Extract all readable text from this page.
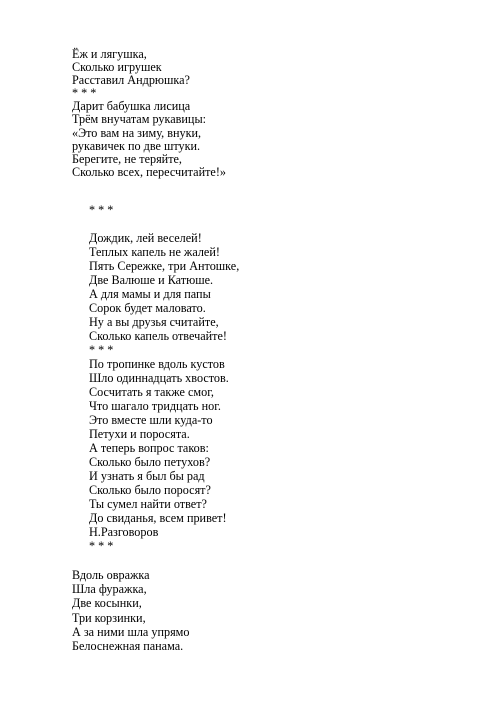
Ёж и лягушка,
Сколько игрушек
Расставил Андрюшка?
* * *
Дарит бабушка лисица
Трём внучатам рукавицы:
«Это вам на зиму, внуки,
рукавичек по две штуки.
Берегите, не теряйте,
Сколько всех, пересчитайте!»
* * *
Дождик, лей веселей!
Теплых капель не жалей!
Пять Сережке, три Антошке,
Две Валюше и Катюше.
А для мамы и для папы
Сорок будет маловато.
Ну а вы друзья считайте,
Сколько капель отвечайте!
* * *
По тропинке вдоль кустов
Шло одиннадцать хвостов.
Сосчитать я также смог,
Что шагало тридцать ног.
Это вместе шли куда-то
Петухи и поросята.
А теперь вопрос таков:
Сколько было петухов?
И узнать я был бы рад
Сколько было поросят?
Ты сумел найти ответ?
До свиданья, всем привет!
Н.Разговоров
* * *
Вдоль овражка
Шла фуражка,
Две косынки,
Три корзинки,
А за ними шла упрямо
Белоснежная панама.
